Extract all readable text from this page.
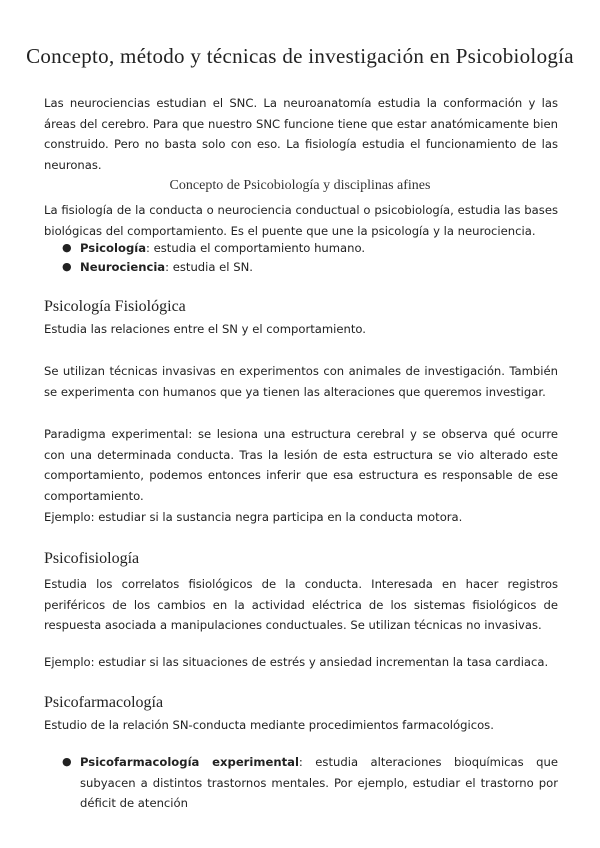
Concepto, método y técnicas de investigación en Psicobiología

Las neurociencias estudian el SNC. La neuroanatomía estudia la conformación y las áreas del cerebro. Para que nuestro SNC funcione tiene que estar anatómicamente bien construido. Pero no basta solo con eso. La fisiología estudia el funcionamiento de las neuronas.

Concepto de Psicobiología y disciplinas afines

La fisiología de la conducta o neurociencia conductual o psicobiología, estudia las bases biológicas del comportamiento. Es el puente que une la psicología y la neurociencia.

● Psicología: estudia el comportamiento humano.
● Neurociencia: estudia el SN.
Psicología Fisiológica

Estudia las relaciones entre el SN y el comportamiento.

Se utilizan técnicas invasivas en experimentos con animales de investigación. También se experimenta con humanos que ya tienen las alteraciones que queremos investigar.

Paradigma experimental: se lesiona una estructura cerebral y se observa qué ocurre con una determinada conducta. Tras la lesión de esta estructura se vio alterado este comportamiento, podemos entonces inferir que esa estructura es responsable de ese comportamiento.

Ejemplo: estudiar si la sustancia negra participa en la conducta motora.

Psicofisiología

Estudia los correlatos fisiológicos de la conducta. Interesada en hacer registros periféricos de los cambios en la actividad eléctrica de los sistemas fisiológicos de respuesta asociada a manipulaciones conductuales. Se utilizan técnicas no invasivas.

Ejemplo: estudiar si las situaciones de estrés y ansiedad incrementan la tasa cardiaca.

Psicofarmacología

Estudio de la relación SN-conducta mediante procedimientos farmacológicos.

● Psicofarmacología experimental: estudia alteraciones bioquímicas que subyacen a distintos trastornos mentales. Por ejemplo, estudiar el trastorno por déficit de atención
